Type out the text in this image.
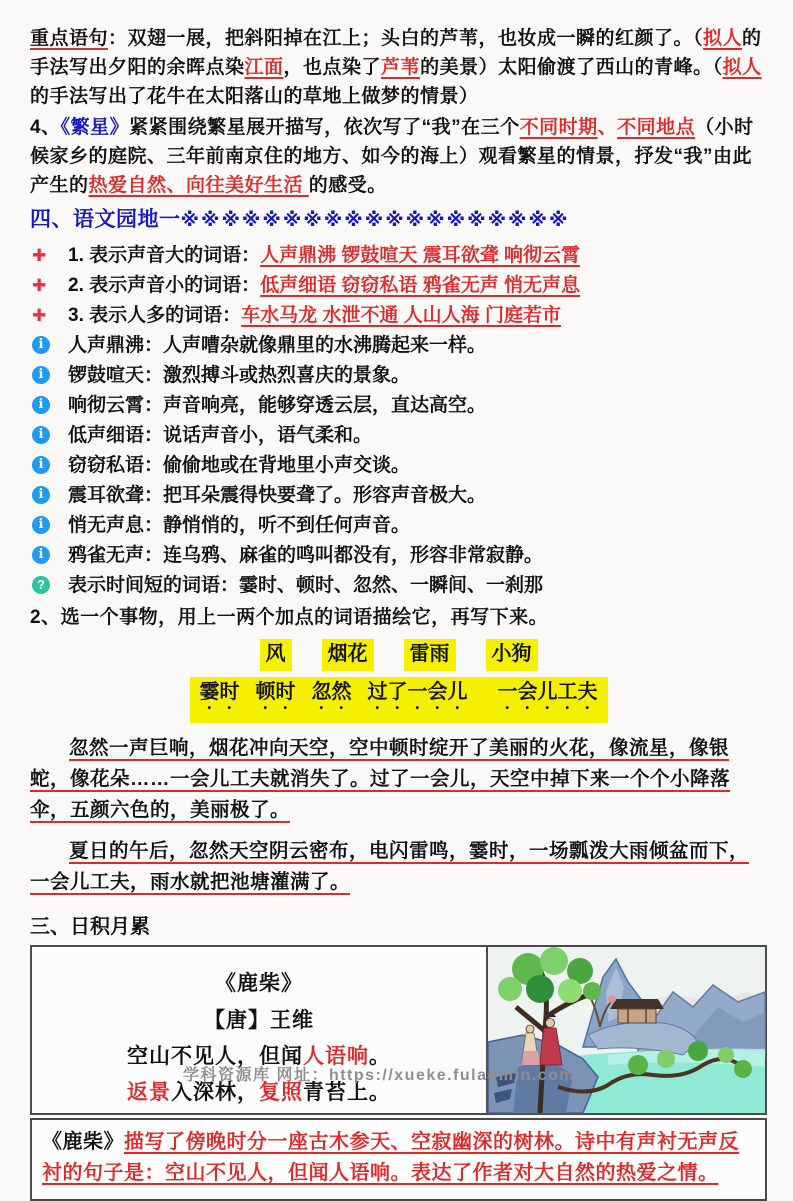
重点语句：双翅一展，把斜阳掉在江上；头白的芦苇，也妆成一瞬的红颜了。（拟人的手法写出夕阳的余晖点染江面，也点染了芦苇的美景）太阳偷渡了西山的青峰。（拟人的手法写出了花牛在太阳落山的草地上做梦的情景）

4、《繁星》紧紧围绕繁星展开描写，依次写了“我”在三个不同时期、不同地点（小时候家乡的庭院、三年前南京住的地方、如今的海上）观看繁星的情景，抒发“我”由此产生的热爱自然、向往美好生活 的感受。

四、语文园地一※※※※※※※※※※※※※※※※※※※
✚ 1. 表示声音大的词语：人声鼎沸 锣鼓喧天 震耳欲聋 响彻云霄
✚ 2. 表示声音小的词语：低声细语 窃窃私语 鸦雀无声 悄无声息
✚ 3. 表示人多的词语：车水马龙 水泄不通 人山人海 门庭若市
i	人声鼎沸：人声嘈杂就像鼎里的水沸腾起来一样。
i	锣鼓喧天：激烈搏斗或热烈喜庆的景象。
i	响彻云霄：声音响亮，能够穿透云层，直达高空。
i	低声细语：说话声音小，语气柔和。
i	窃窃私语：偷偷地或在背地里小声交谈。
i	震耳欲聋：把耳朵震得快要聋了。形容声音极大。
i	悄无声息：静悄悄的，听不到任何声音。
i	鸦雀无声：连乌鸦、麻雀的鸣叫都没有，形容非常寂静。
? 表示时间短的词语：霎时、顿时、忽然、一瞬间、一刹那
2、选一个事物，用上一两个加点的词语描绘它，再写下来。
风 烟花 雷雨 小狗
霎时 顿时 忽然 过了一会儿 一会儿工夫

忽然一声巨响，烟花冲向天空，空中顿时绽开了美丽的火花，像流星，像银蛇，像花朵……一会儿工夫就消失了。过了一会儿，天空中掉下来一个个小降落伞，五颜六色的，美丽极了。

夏日的午后，忽然天空阴云密布，电闪雷鸣，霎时，一场瓢泼大雨倾盆而下，一会儿工夫，雨水就把池塘灌满了。

三、日积月累
《鹿柴》
【唐】王维
空山不见人，但闻人语响。
返景入深林，复照青苔上。
《鹿柴》描写了傍晚时分一座古木参天、空寂幽深的树林。诗中有声衬无声反衬的句子是：空山不见人，但闻人语响。表达了作者对大自然的热爱之情。
学科资源库 网址：https://xueke.fuladmin.com
